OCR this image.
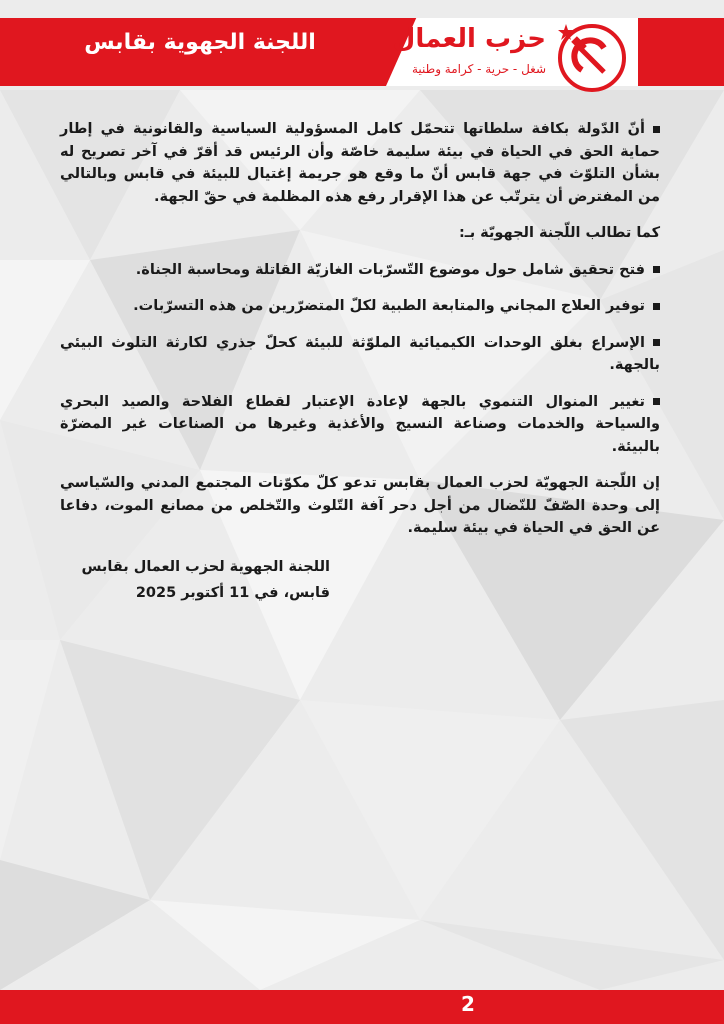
اللجنة الجهوية بقابس	حزب العمال
شغل - حرية - كرامة وطنية

أنّ الدّولة بكافة سلطاتها تتحمّل كامل المسؤولية السياسية والقانونية في إطار حماية الحق في الحياة في بيئة سليمة خاصّة وأن الرئيس قد أقرّ في آخر تصريح له بشأن التلوّث في جهة قابس أنّ ما وقع هو جريمة إغتيال للبيئة في قابس وبالتالي من المفترض أن يترتّب عن هذا الإقرار رفع هذه المظلمة في حقّ الجهة.

كما تطالب اللّجنة الجهويّة بـ:

فتح تحقيق شامل حول موضوع التّسرّبات الغازيّة القاتلة ومحاسبة الجناة.

توفير العلاج المجاني والمتابعة الطبية لكلّ المتضرّرين من هذه التسرّبات.

الإسراع بغلق الوحدات الكيميائية الملوّثة للبيئة كحلّ جذري لكارثة التلوث البيئي بالجهة.

تغيير المنوال التنموي بالجهة لإعادة الإعتبار لقطاع الفلاحة والصيد البحري والسياحة والخدمات وصناعة النسيج والأغذية وغيرها من الصناعات غير المضرّة بالبيئة.

إن اللّجنة الجهويّة لحزب العمال بقابس تدعو كلّ مكوّنات المجتمع المدني والسّياسي إلى وحدة الصّفّ للنّضال من أجل دحر آفة التّلوث والتّخلص من مصانع الموت، دفاعا عن الحق في الحياة في بيئة سليمة.

اللجنة الجهوية لحزب العمال بقابس
قابس، في 11 أكتوبر 2025
2
